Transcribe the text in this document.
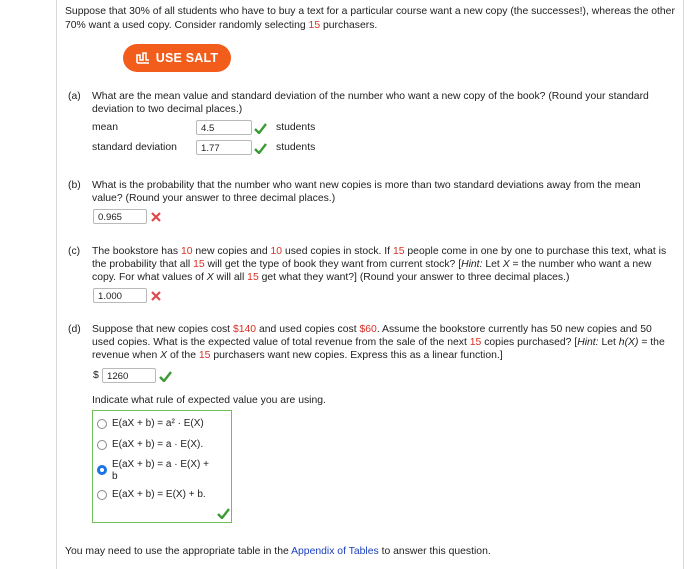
Suppose that 30% of all students who have to buy a text for a particular course want a new copy (the successes!), whereas the other 70% want a used copy. Consider randomly selecting 15 purchasers.

USE SALT
(a) What are the mean value and standard deviation of the number who want a new copy of the book? (Round your standard deviation to two decimal places.)

mean	4.5	students
standard deviation	1.77	students
(b) What is the probability that the number who want new copies is more than two standard deviations away from the mean value? (Round your answer to three decimal places.)

0.965
(c) The bookstore has 10 new copies and 10 used copies in stock. If 15 people come in one by one to purchase this text, what is the probability that all 15 will get the type of book they want from current stock? [Hint: Let X = the number who want a new copy. For what values of X will all 15 get what they want?] (Round your answer to three decimal places.)

1.000
(d) Suppose that new copies cost $140 and used copies cost $60. Assume the bookstore currently has 50 new copies and 50 used copies. What is the expected value of total revenue from the sale of the next 15 copies purchased? [Hint: Let h(X) = the revenue when X of the 15 purchasers want new copies. Express this as a linear function.]

$ 1260
Indicate what rule of expected value you are using.
E(aX + b) = a² · E(X)
E(aX + b) = a · E(X).
E(aX + b) = a · E(X) +
b
E(aX + b) = E(X) + b.

You may need to use the appropriate table in the Appendix of Tables to answer this question.
